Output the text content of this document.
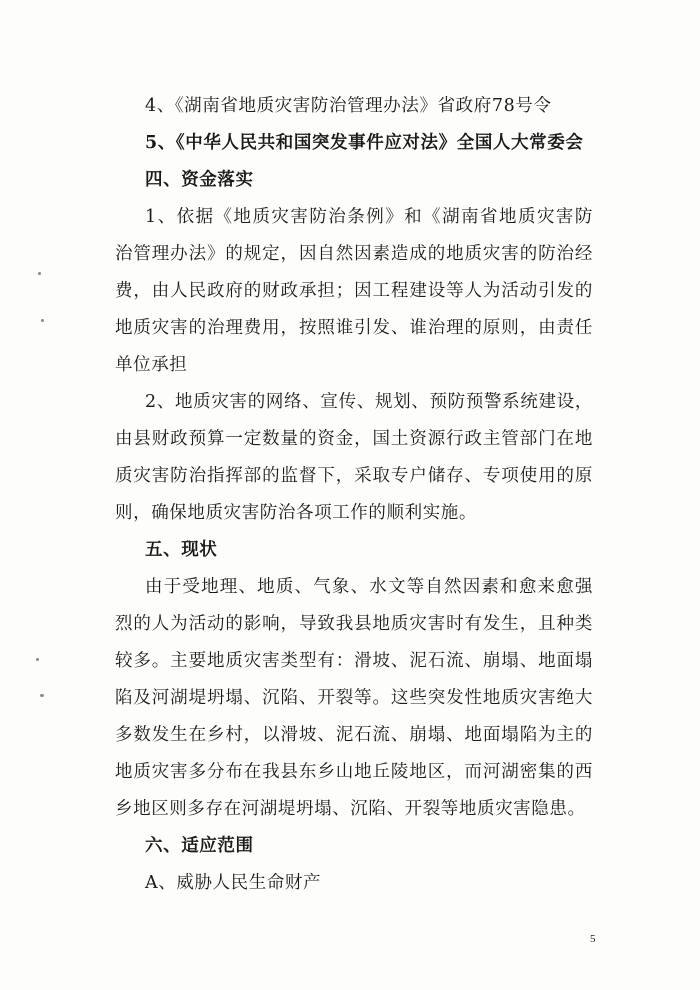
4、《湖南省地质灾害防治管理办法》省政府78号令
5、《中华人民共和国突发事件应对法》全国人大常委会
四、资金落实
1、依据《地质灾害防治条例》和《湖南省地质灾害防
治管理办法》的规定，因自然因素造成的地质灾害的防治经
费，由人民政府的财政承担；因工程建设等人为活动引发的
地质灾害的治理费用，按照谁引发、谁治理的原则，由责任
单位承担
2、地质灾害的网络、宣传、规划、预防预警系统建设，
由县财政预算一定数量的资金，国土资源行政主管部门在地
质灾害防治指挥部的监督下，采取专户储存、专项使用的原
则，确保地质灾害防治各项工作的顺利实施。
五、现状
由于受地理、地质、气象、水文等自然因素和愈来愈强
烈的人为活动的影响，导致我县地质灾害时有发生，且种类
较多。主要地质灾害类型有：滑坡、泥石流、崩塌、地面塌
陷及河湖堤坍塌、沉陷、开裂等。这些突发性地质灾害绝大
多数发生在乡村，以滑坡、泥石流、崩塌、地面塌陷为主的
地质灾害多分布在我县东乡山地丘陵地区，而河湖密集的西
乡地区则多存在河湖堤坍塌、沉陷、开裂等地质灾害隐患。
六、适应范围
A、威胁人民生命财产
5
